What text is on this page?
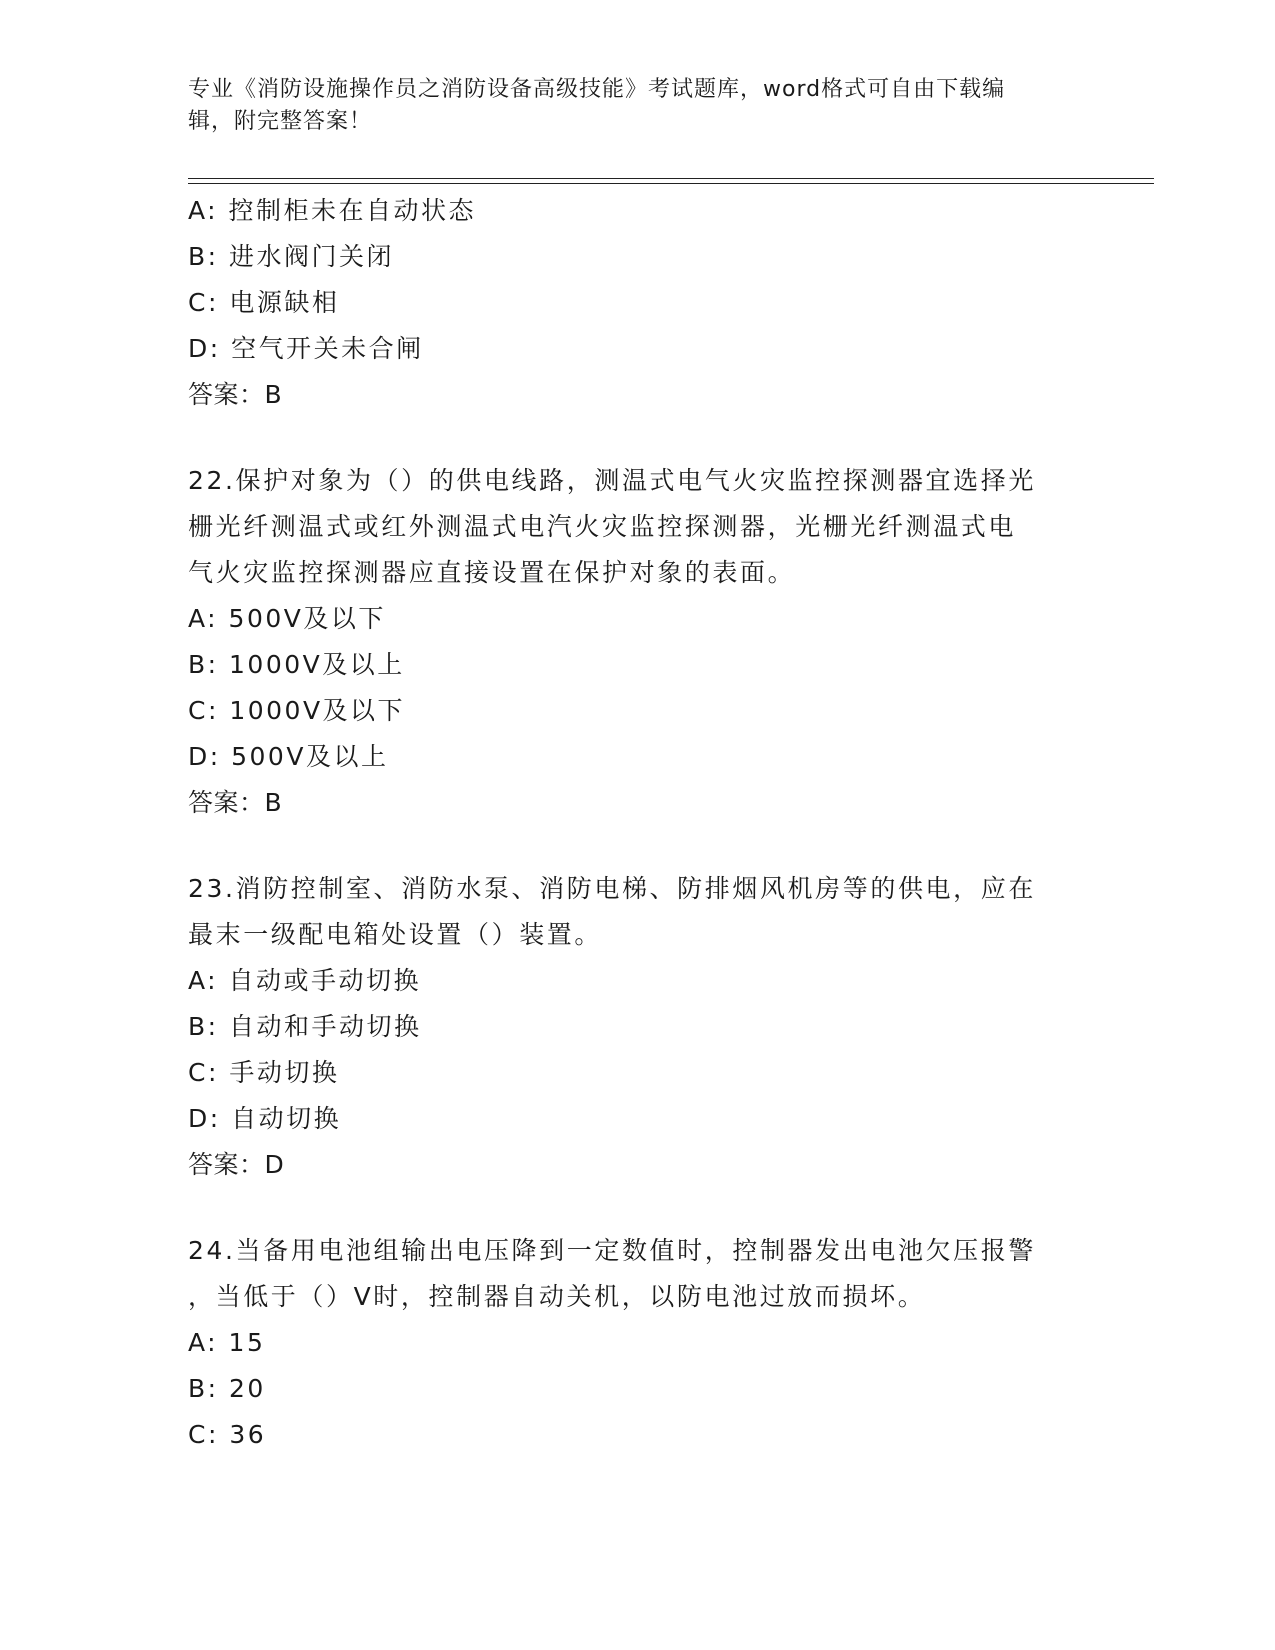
专业《消防设施操作员之消防设备高级技能》考试题库，word格式可自由下载编
辑，附完整答案！
A: 控制柜未在自动状态
B: 进水阀门关闭
C: 电源缺相
D: 空气开关未合闸
答案：B
22.保护对象为（）的供电线路，测温式电气火灾监控探测器宜选择光
栅光纤测温式或红外测温式电汽火灾监控探测器，光栅光纤测温式电
气火灾监控探测器应直接设置在保护对象的表面。
A: 500V及以下
B: 1000V及以上
C: 1000V及以下
D: 500V及以上
答案：B
23.消防控制室、消防水泵、消防电梯、防排烟风机房等的供电，应在
最末一级配电箱处设置（）装置。
A: 自动或手动切换
B: 自动和手动切换
C: 手动切换
D: 自动切换
答案：D
24.当备用电池组输出电压降到一定数值时，控制器发出电池欠压报警
，当低于（）V时，控制器自动关机，以防电池过放而损坏。
A: 15
B: 20
C: 36
